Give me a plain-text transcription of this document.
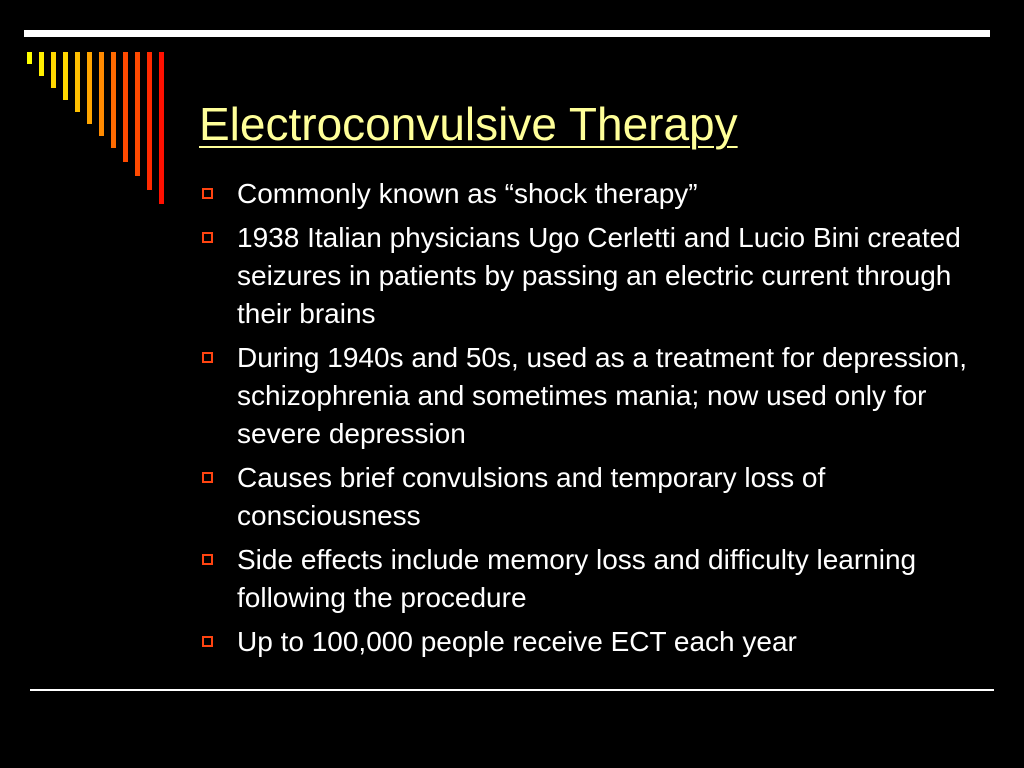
Electroconvulsive Therapy
Commonly known as “shock therapy”
1938 Italian physicians Ugo Cerletti and Lucio Bini created seizures in patients by passing an electric current through their brains
During 1940s and 50s, used as a treatment for depression, schizophrenia and sometimes mania; now used only for severe depression
Causes brief convulsions and temporary loss of consciousness
Side effects include memory loss and difficulty learning following the procedure
Up to 100,000 people receive ECT each year
